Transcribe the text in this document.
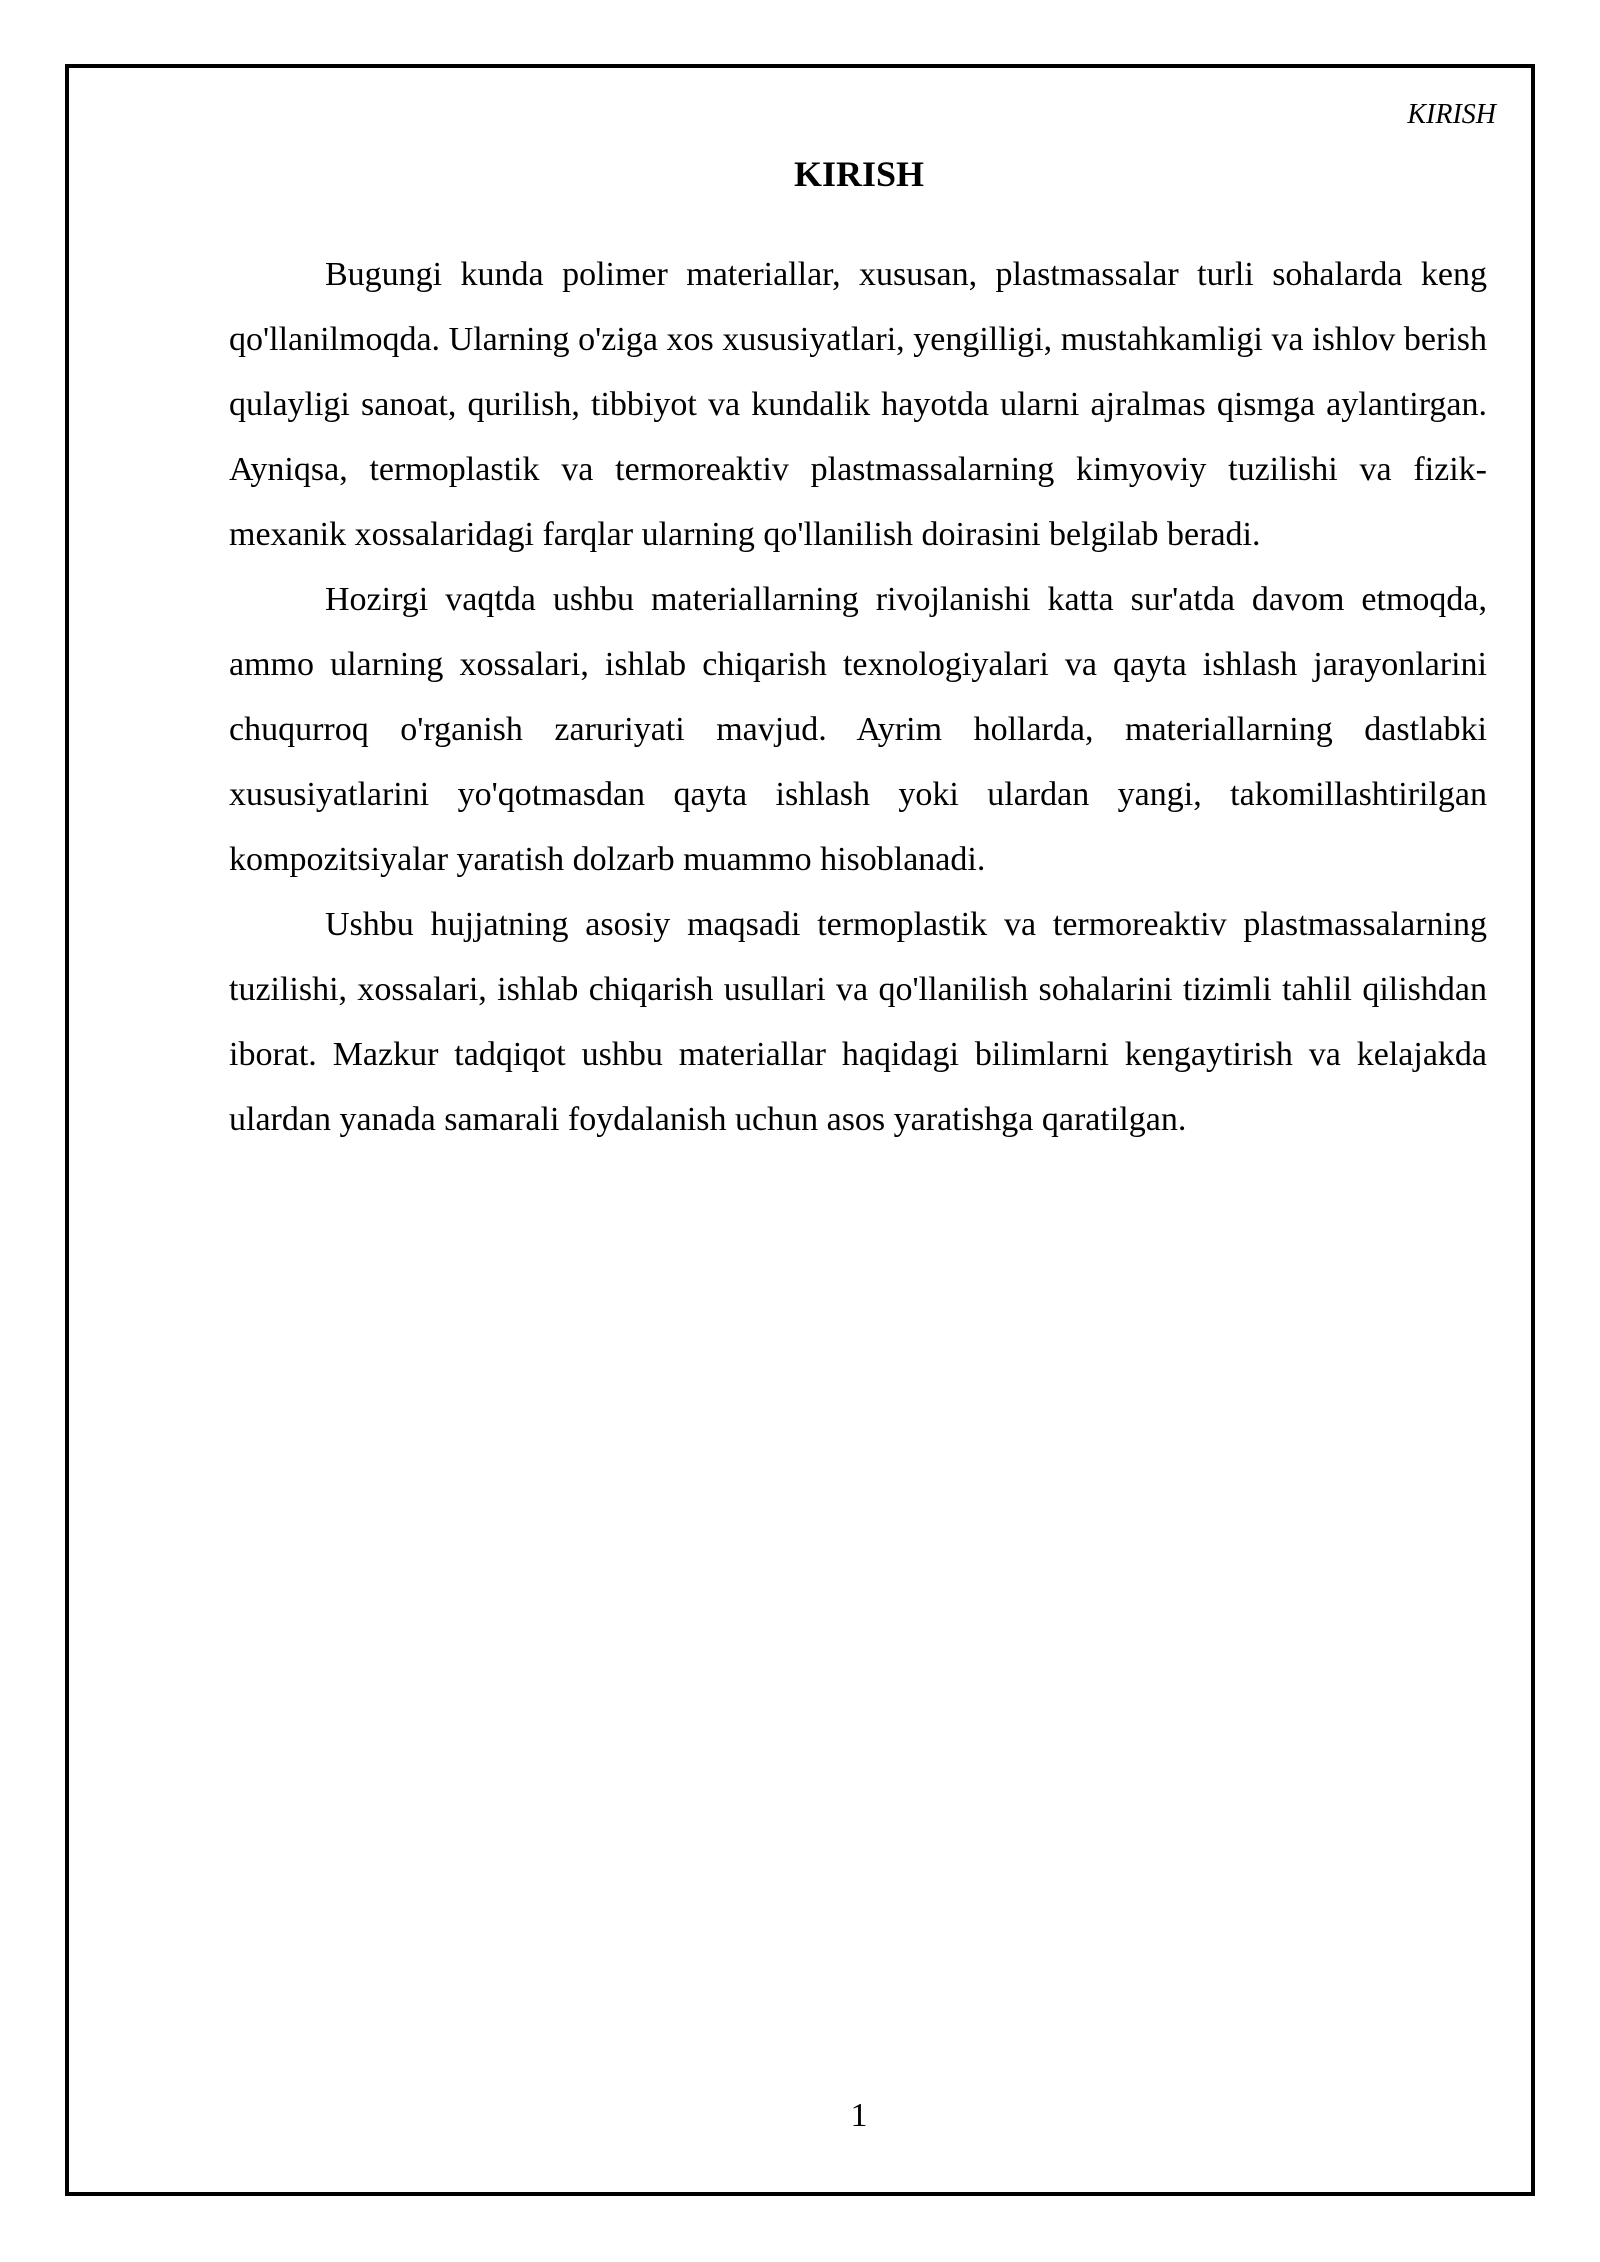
KIRISH
KIRISH

Bugungi kunda polimer materiallar, xususan, plastmassalar turli sohalarda keng qo'llanilmoqda. Ularning o'ziga xos xususiyatlari, yengilligi, mustahkamligi va ishlov berish qulayligi sanoat, qurilish, tibbiyot va kundalik hayotda ularni ajralmas qismga aylantirgan. Ayniqsa, termoplastik va termoreaktiv plastmassalarning kimyoviy tuzilishi va fizik-mexanik xossalaridagi farqlar ularning qo'llanilish doirasini belgilab beradi.

Hozirgi vaqtda ushbu materiallarning rivojlanishi katta sur'atda davom etmoqda, ammo ularning xossalari, ishlab chiqarish texnologiyalari va qayta ishlash jarayonlarini chuqurroq o'rganish zaruriyati mavjud. Ayrim hollarda, materiallarning dastlabki xususiyatlarini yo'qotmasdan qayta ishlash yoki ulardan yangi, takomillashtirilgan kompozitsiyalar yaratish dolzarb muammo hisoblanadi.

Ushbu hujjatning asosiy maqsadi termoplastik va termoreaktiv plastmassalarning tuzilishi, xossalari, ishlab chiqarish usullari va qo'llanilish sohalarini tizimli tahlil qilishdan iborat. Mazkur tadqiqot ushbu materiallar haqidagi bilimlarni kengaytirish va kelajakda ulardan yanada samarali foydalanish uchun asos yaratishga qaratilgan.

1
